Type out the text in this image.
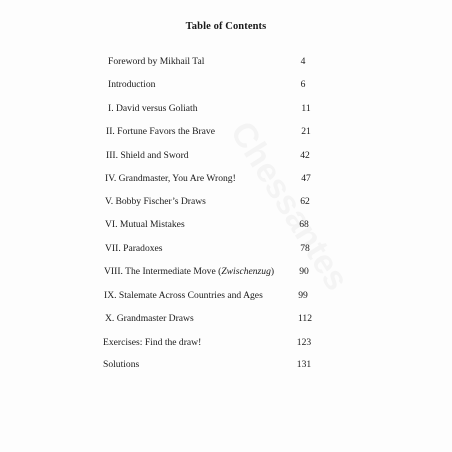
Table of Contents
Foreword by Mikhail Tal	4
Introduction	6
I. David versus Goliath	11
II. Fortune Favors the Brave	21
III. Shield and Sword	42
IV. Grandmaster, You Are Wrong!	47
V. Bobby Fischer’s Draws	62
VI. Mutual Mistakes	68
VII. Paradoxes	78
VIII. The Intermediate Move (Zwischenzug)	90
IX. Stalemate Across Countries and Ages	99
X. Grandmaster Draws	112
Exercises: Find the draw!	123
Solutions	131
